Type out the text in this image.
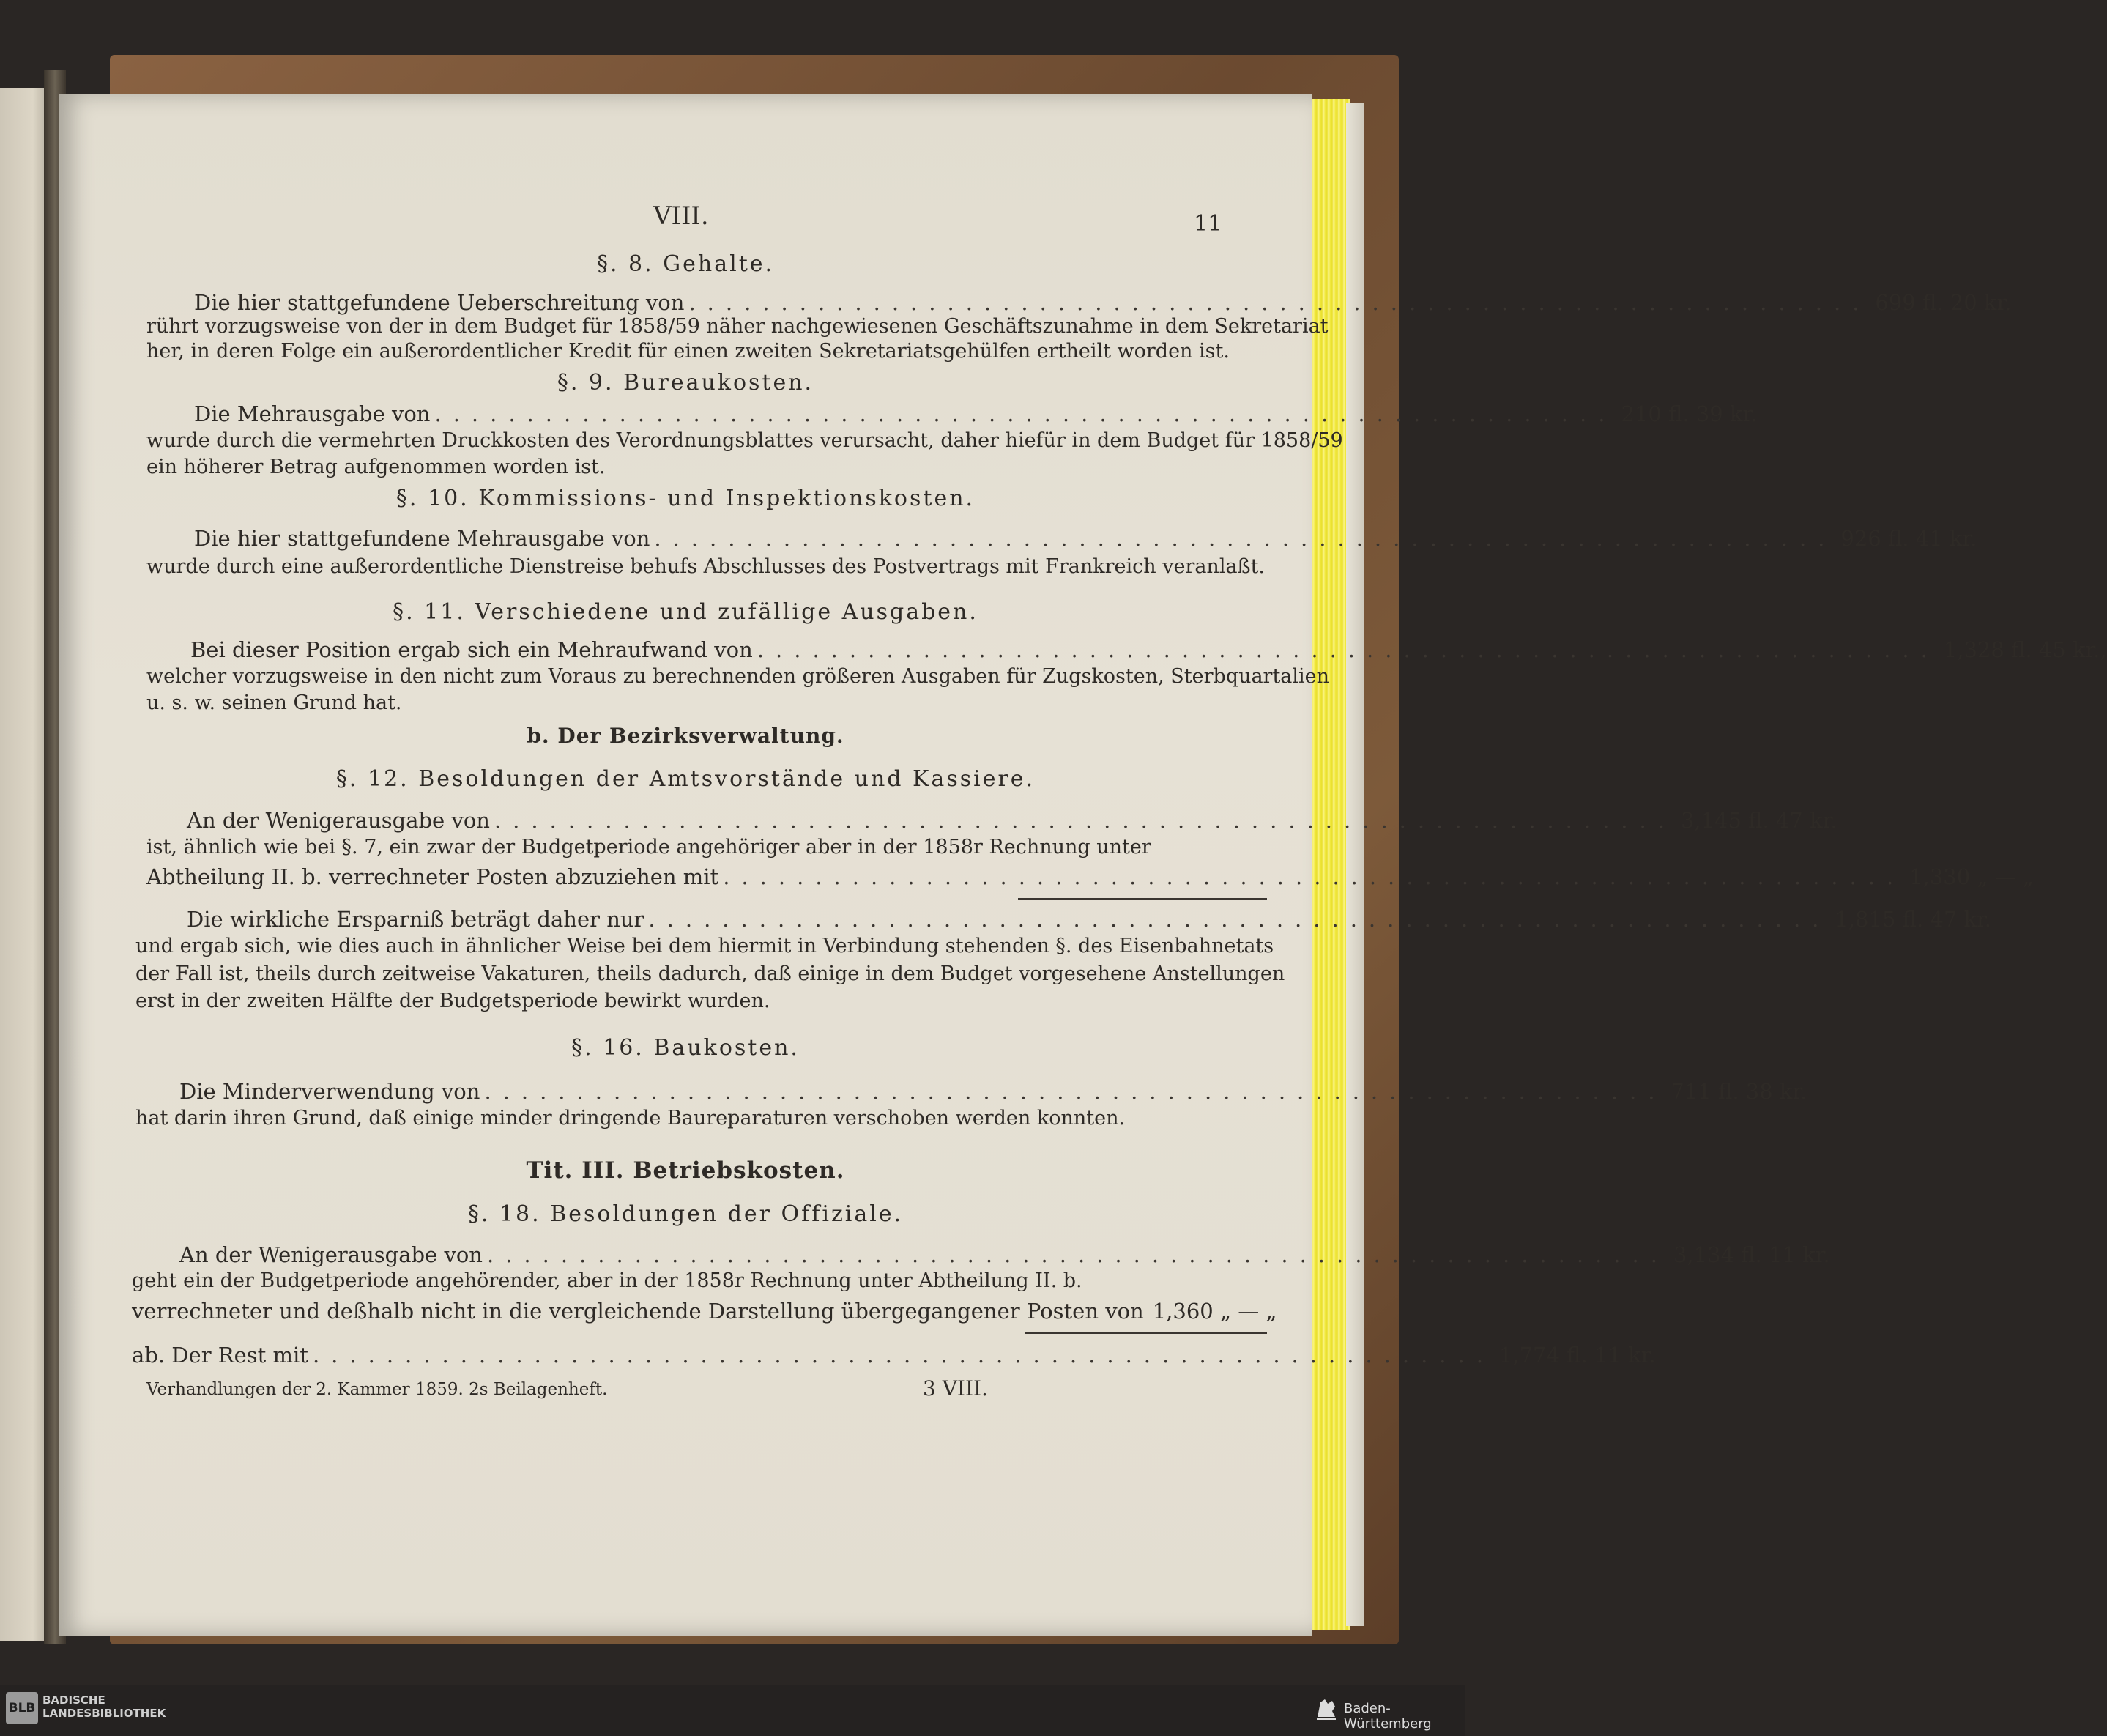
VIII.	11
§. 8. Gehalte.
Die hier stattgefundene Ueberschreitung von ................................................................ 699 fl. 20 kr.
rührt vorzugsweise von der in dem Budget für 1858/59 näher nachgewiesenen Geschäftszunahme in dem Sekretariat
her, in deren Folge ein außerordentlicher Kredit für einen zweiten Sekretariatsgehülfen ertheilt worden ist.
§. 9. Bureaukosten.
Die Mehrausgabe von ................................................................ 210 fl. 39 kr.
wurde durch die vermehrten Druckkosten des Verordnungsblattes verursacht, daher hiefür in dem Budget für 1858/59
ein höherer Betrag aufgenommen worden ist.
§. 10. Kommissions- und Inspektionskosten.
Die hier stattgefundene Mehrausgabe von ................................................................ 926 fl. 41 kr.
wurde durch eine außerordentliche Dienstreise behufs Abschlusses des Postvertrags mit Frankreich veranlaßt.
§. 11. Verschiedene und zufällige Ausgaben.
Bei dieser Position ergab sich ein Mehraufwand von ................................................................ 1,328 fl. 45 kr.,
welcher vorzugsweise in den nicht zum Voraus zu berechnenden größeren Ausgaben für Zugskosten, Sterbquartalien
u. s. w. seinen Grund hat.
b. Der Bezirksverwaltung.
§. 12. Besoldungen der Amtsvorstände und Kassiere.
An der Wenigerausgabe von ................................................................ 3,145 fl. 47 kr.
ist, ähnlich wie bei §. 7, ein zwar der Budgetperiode angehöriger aber in der 1858r Rechnung unter
Abtheilung II. b. verrechneter Posten abzuziehen mit ................................................................ 1,330 „ — „
Die wirkliche Ersparniß beträgt daher nur ................................................................ 1,815 fl. 47 kr.
und ergab sich, wie dies auch in ähnlicher Weise bei dem hiermit in Verbindung stehenden §. des Eisenbahnetats
der Fall ist, theils durch zeitweise Vakaturen, theils dadurch, daß einige in dem Budget vorgesehene Anstellungen
erst in der zweiten Hälfte der Budgetsperiode bewirkt wurden.
§. 16. Baukosten.
Die Minderverwendung von ................................................................ 711 fl. 38 kr.
hat darin ihren Grund, daß einige minder dringende Baureparaturen verschoben werden konnten.
Tit. III. Betriebskosten.
§. 18. Besoldungen der Offiziale.
An der Wenigerausgabe von ................................................................ 3,134 fl. 11 kr.
geht ein der Budgetperiode angehörender, aber in der 1858r Rechnung unter Abtheilung II. b.
verrechneter und deßhalb nicht in die vergleichende Darstellung übergegangener Posten von 1,360 „ — „
ab. Der Rest mit ................................................................ 1,774 fl. 11 kr.
Verhandlungen der 2. Kammer 1859. 2s Beilagenheft.	3 VIII.
BLB
BADISCHE
LANDESBIBLIOTHEK	Baden-Württemberg
